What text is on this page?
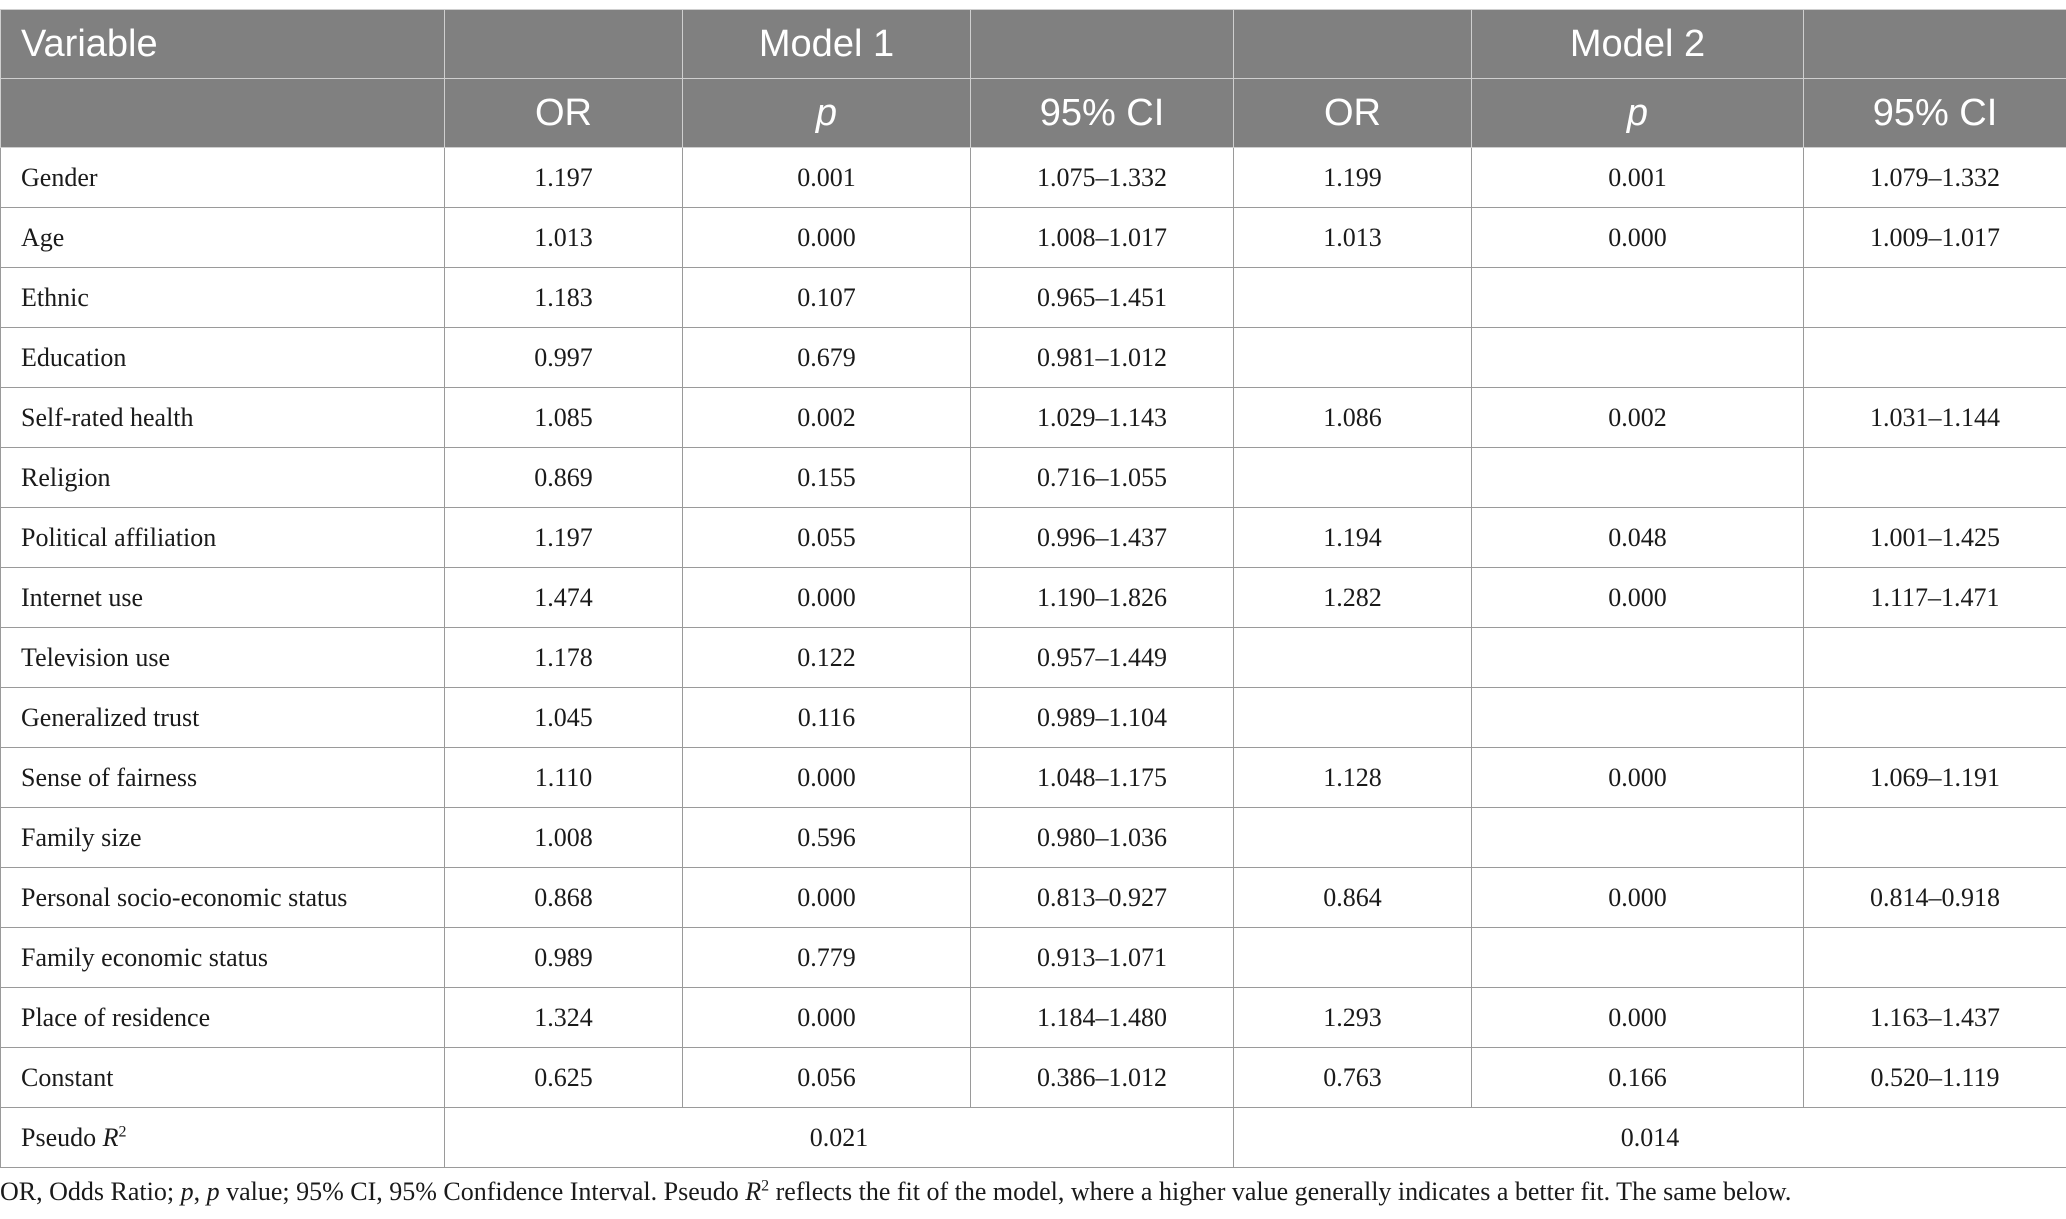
Variable		Model 1			Model 2	
	OR	p	95% CI	OR	p	95% CI
Gender	1.197	0.001	1.075–1.332	1.199	0.001	1.079–1.332
Age	1.013	0.000	1.008–1.017	1.013	0.000	1.009–1.017
Ethnic	1.183	0.107	0.965–1.451			
Education	0.997	0.679	0.981–1.012			
Self-rated health	1.085	0.002	1.029–1.143	1.086	0.002	1.031–1.144
Religion	0.869	0.155	0.716–1.055			
Political affiliation	1.197	0.055	0.996–1.437	1.194	0.048	1.001–1.425
Internet use	1.474	0.000	1.190–1.826	1.282	0.000	1.117–1.471
Television use	1.178	0.122	0.957–1.449			
Generalized trust	1.045	0.116	0.989–1.104			
Sense of fairness	1.110	0.000	1.048–1.175	1.128	0.000	1.069–1.191
Family size	1.008	0.596	0.980–1.036			
Personal socio-economic status	0.868	0.000	0.813–0.927	0.864	0.000	0.814–0.918
Family economic status	0.989	0.779	0.913–1.071			
Place of residence	1.324	0.000	1.184–1.480	1.293	0.000	1.163–1.437
Constant	0.625	0.056	0.386–1.012	0.763	0.166	0.520–1.119
Pseudo $R^2$	0.021			0.014		
OR, Odds Ratio; p, p value; 95% CI, 95% Confidence Interval. Pseudo $R^2$ reflects the fit of the model, where a higher value generally indicates a better fit. The same below.
